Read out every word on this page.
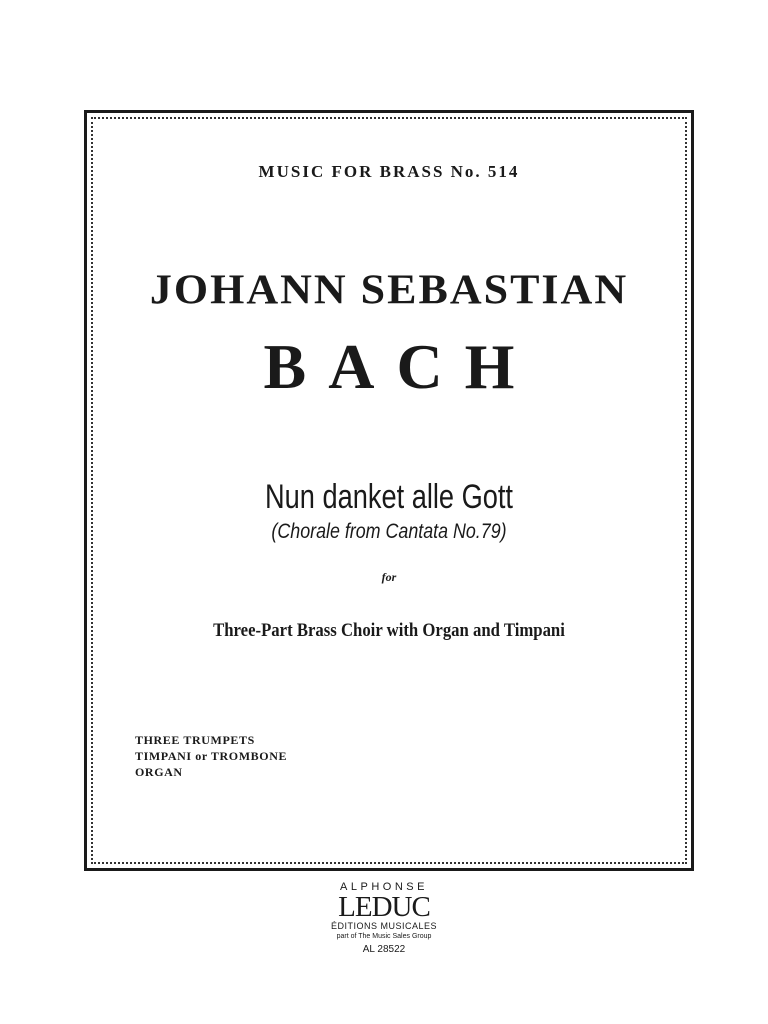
MUSIC FOR BRASS No. 514
JOHANN SEBASTIAN
BACH
Nun danket alle Gott
(Chorale from Cantata No.79)
for
Three-Part Brass Choir with Organ and Timpani
THREE TRUMPETS
TIMPANI or TROMBONE
ORGAN
ALPHONSE
LEDUC
ÉDITIONS MUSICALES
part of The Music Sales Group
AL 28522
